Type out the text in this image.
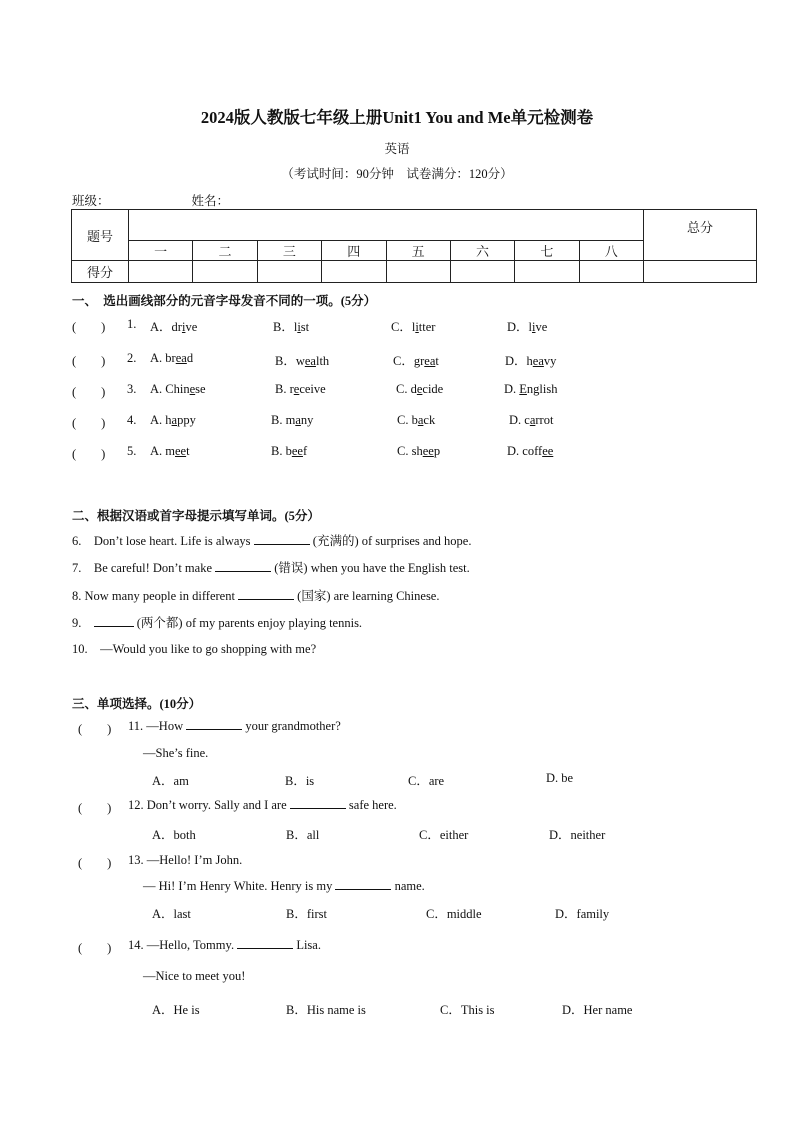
2024版人教版七年级上册Unit1 You and Me单元检测卷
英语
（考试时间：90分钟　试卷满分：120分）
班级：	姓名：
题号									总分
	一	二	三	四	五	六	七	八	
得分									
一、　选出画线部分的元音字母发音不同的一项。(5分）
(　　) 1. A．drive	B．list	C．litter	D．live
(　　) 2. A. bread	B．wealth	C．great	D．heavy
(　　) 3. A. Chinese	B. receive	C. decide	D. English
(　　) 4. A. happy	B. many	C. back	D. carrot
(　　) 5. A. meet	B. beef	C. sheep	D. coffee
二、根据汉语或首字母提示填写单词。(5分）
6.　Don’t lose heart. Life is always	(充满的) of surprises and hope.
7.　Be careful! Don’t make	(错误) when you have the English test.
8. Now many people in different	(国家) are learning Chinese.
9.	(两个都) of my parents enjoy playing tennis.
10.　—Would you like to go shopping with me?
三、单项选择。(10分）
(　　) 11. —How	your grandmother?
—She’s fine.
A．am	B．is	C．are	D. be
(　　) 12. Don’t worry. Sally and I are	safe here.
A．both	B．all	C．either	D．neither
(　　) 13. —Hello! I’m John.
— Hi! I’m Henry White. Henry is my	name.
A．last	B．first	C．middle	D．family
(　　) 14. —Hello, Tommy.	Lisa.
—Nice to meet you!
A．He is	B．His name is	C．This is	D．Her name
